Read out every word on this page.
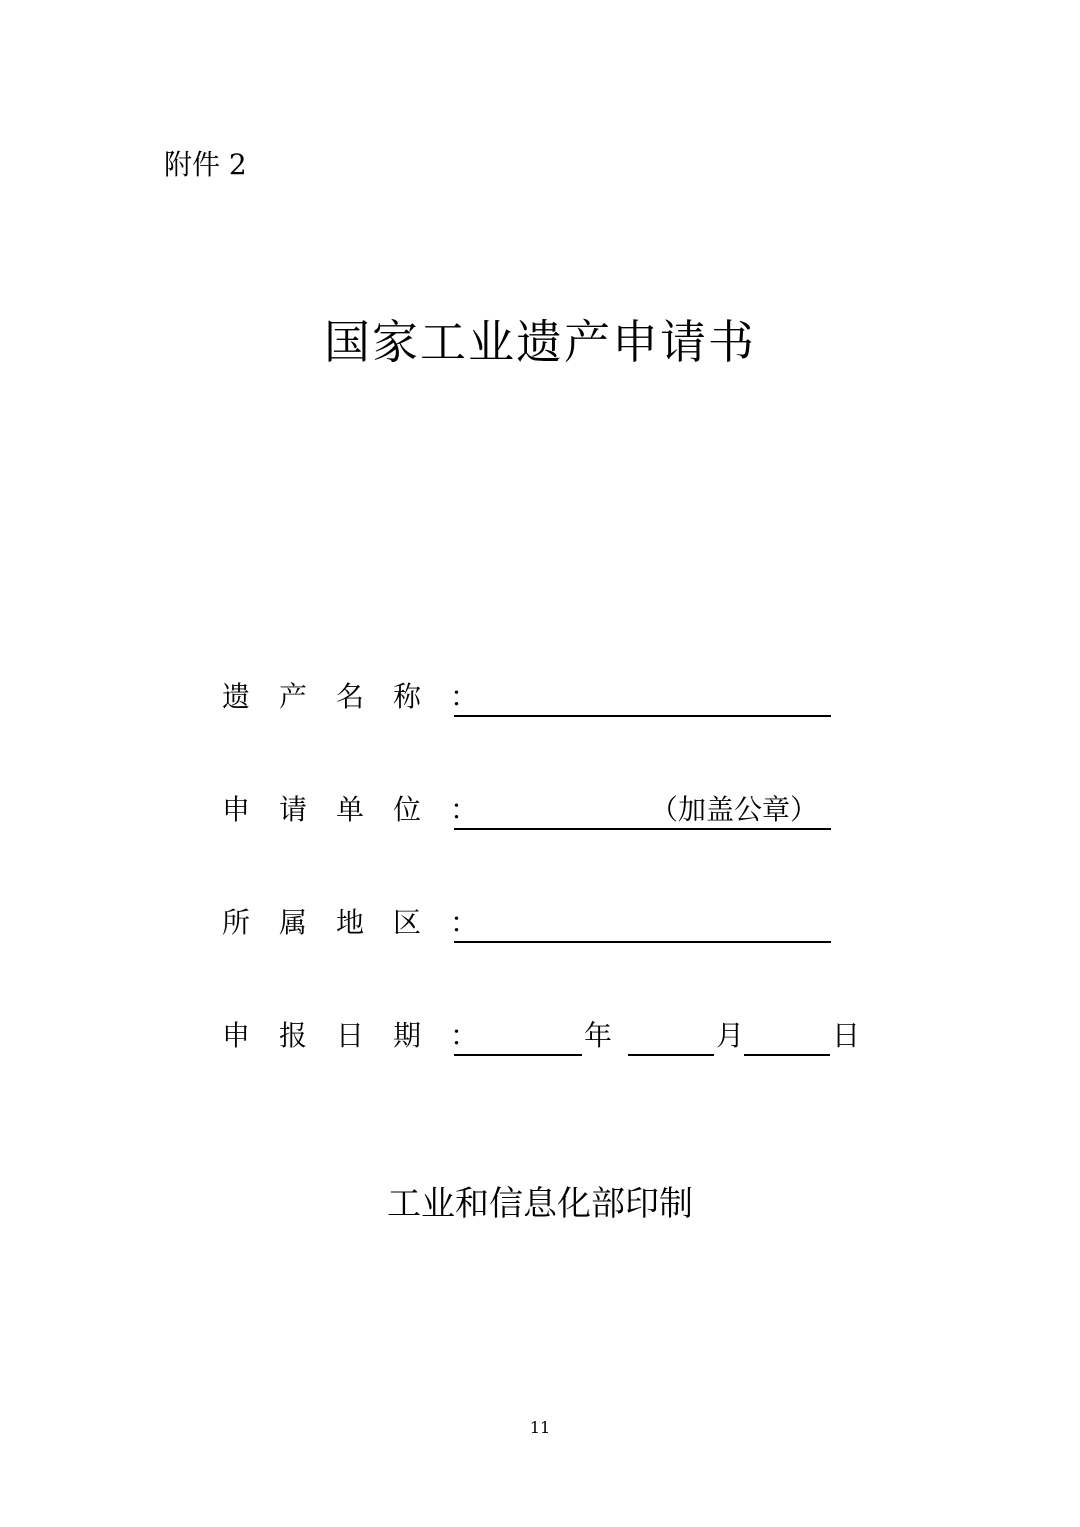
附件 2
国家工业遗产申请书
遗产名称：
申请单位：	（加盖公章）
所属地区：
申报日期：	年	月	日
工业和信息化部印制
11
